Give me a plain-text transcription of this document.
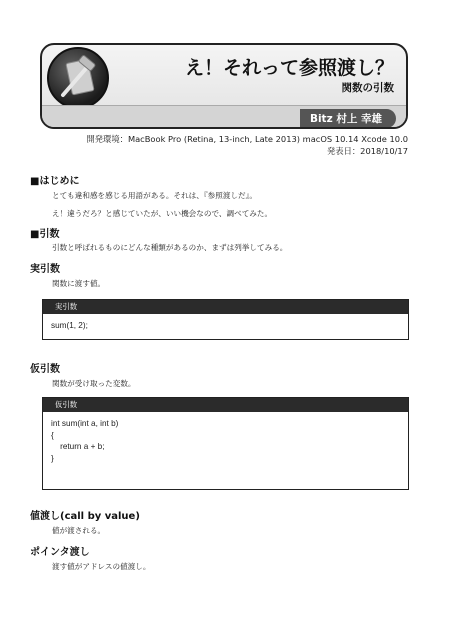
え！それって参照渡し？
関数の引数
Bitz 村上 幸雄
開発環境：MacBook Pro (Retina, 13-inch, Late 2013) macOS 10.14 Xcode 10.0
発表日：2018/10/17
■はじめに
とても違和感を感じる用語がある。それは、『参照渡しだ』。
え！違うだろ？と感じていたが、いい機会なので、調べてみた。
■引数
引数と呼ばれるものにどんな種類があるのか、まずは列挙してみる。
実引数
関数に渡す値。
実引数
sum(1, 2);
仮引数
関数が受け取った変数。
仮引数
int sum(int a, int b)
{
return a + b;
}
値渡し(call by value)
値が渡される。
ポインタ渡し
渡す値がアドレスの値渡し。
